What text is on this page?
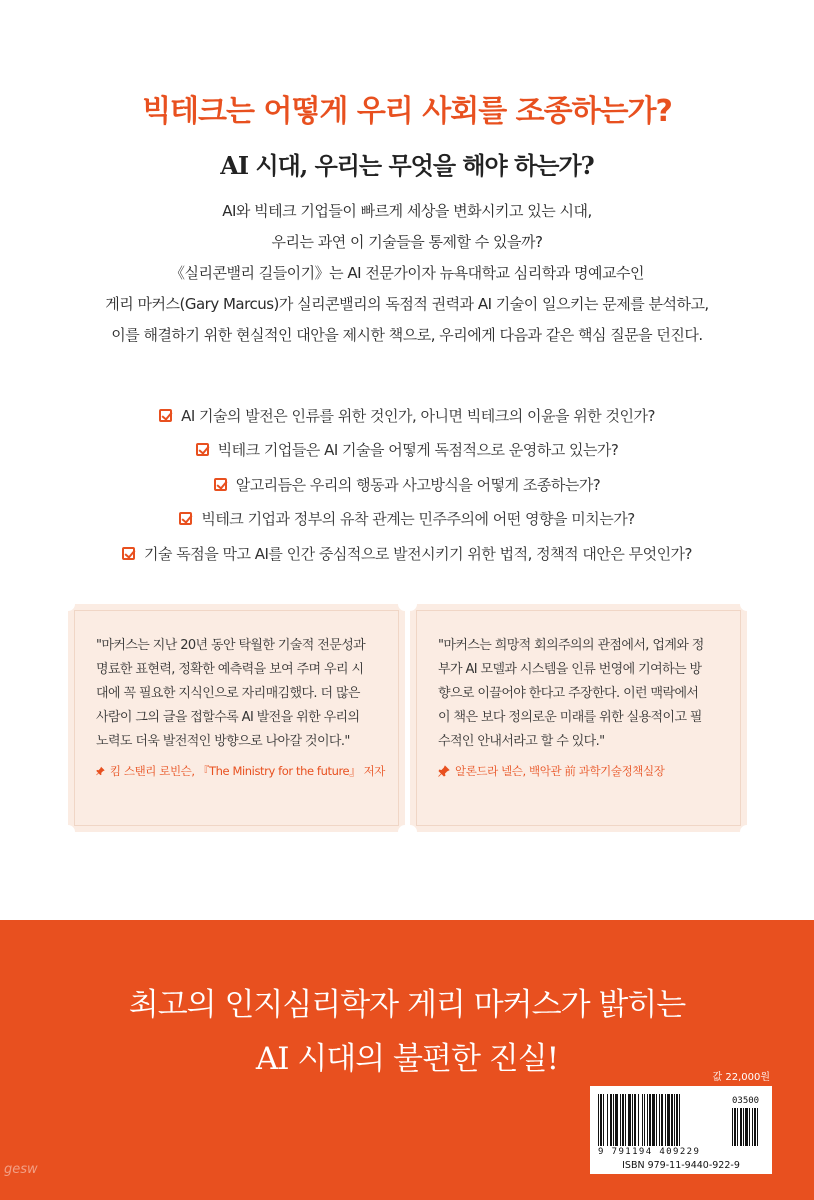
빅테크는 어떻게 우리 사회를 조종하는가?
AI 시대, 우리는 무엇을 해야 하는가?

AI와 빅테크 기업들이 빠르게 세상을 변화시키고 있는 시대,

우리는 과연 이 기술들을 통제할 수 있을까?

《실리콘밸리 길들이기》는 AI 전문가이자 뉴욕대학교 심리학과 명예교수인

게리 마커스(Gary Marcus)가 실리콘밸리의 독점적 권력과 AI 기술이 일으키는 문제를 분석하고,

이를 해결하기 위한 현실적인 대안을 제시한 책으로, 우리에게 다음과 같은 핵심 질문을 던진다.

AI 기술의 발전은 인류를 위한 것인가, 아니면 빅테크의 이윤을 위한 것인가?
빅테크 기업들은 AI 기술을 어떻게 독점적으로 운영하고 있는가?
알고리듬은 우리의 행동과 사고방식을 어떻게 조종하는가?
빅테크 기업과 정부의 유착 관계는 민주주의에 어떤 영향을 미치는가?
기술 독점을 막고 AI를 인간 중심적으로 발전시키기 위한 법적, 정책적 대안은 무엇인가?

"마커스는 지난 20년 동안 탁월한 기술적 전문성과

명료한 표현력, 정확한 예측력을 보여 주며 우리 시

대에 꼭 필요한 지식인으로 자리매김했다. 더 많은

사람이 그의 글을 접할수록 AI 발전을 위한 우리의

노력도 더욱 발전적인 방향으로 나아갈 것이다."

킴 스탠리 로빈슨, 『The Ministry for the future』 저자

"마커스는 희망적 회의주의의 관점에서, 업계와 정

부가 AI 모델과 시스템을 인류 번영에 기여하는 방

향으로 이끌어야 한다고 주장한다. 이런 맥락에서

이 책은 보다 정의로운 미래를 위한 실용적이고 필

수적인 안내서라고 할 수 있다."

알론드라 넬슨, 백악관 前 과학기술정책실장

최고의 인지심리학자 게리 마커스가 밝히는

AI 시대의 불편한 진실!

값 22,000원
9 791194 409229
03500
ISBN 979-11-9440-922-9
gesw
